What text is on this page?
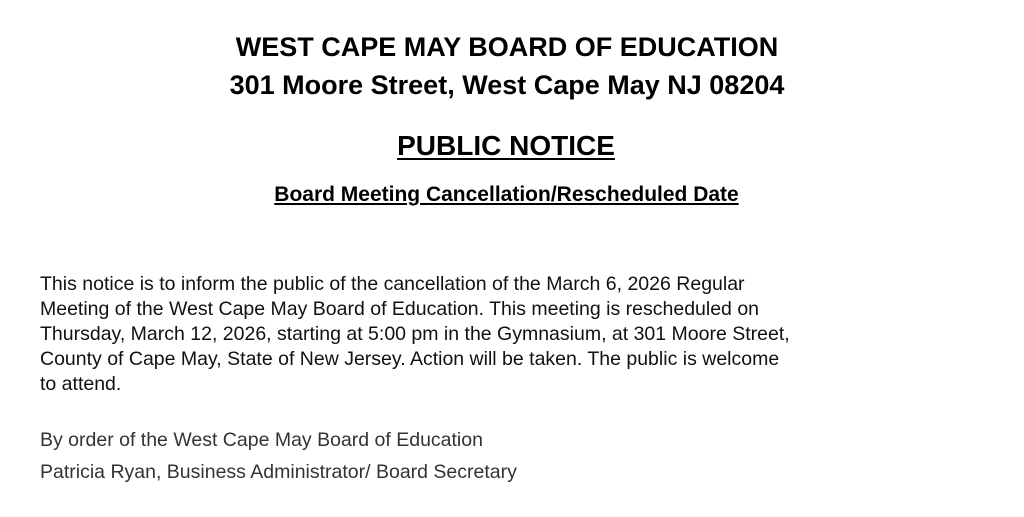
WEST CAPE MAY BOARD OF EDUCATION
301 Moore Street, West Cape May NJ 08204
PUBLIC NOTICE
Board Meeting Cancellation/Rescheduled Date

This notice is to inform the public of the cancellation of the March 6, 2026 Regular
Meeting of the West Cape May Board of Education. This meeting is rescheduled on
Thursday, March 12, 2026, starting at 5:00 pm in the Gymnasium, at 301 Moore Street,
County of Cape May, State of New Jersey. Action will be taken. The public is welcome
to attend.

By order of the West Cape May Board of Education
Patricia Ryan, Business Administrator/ Board Secretary
